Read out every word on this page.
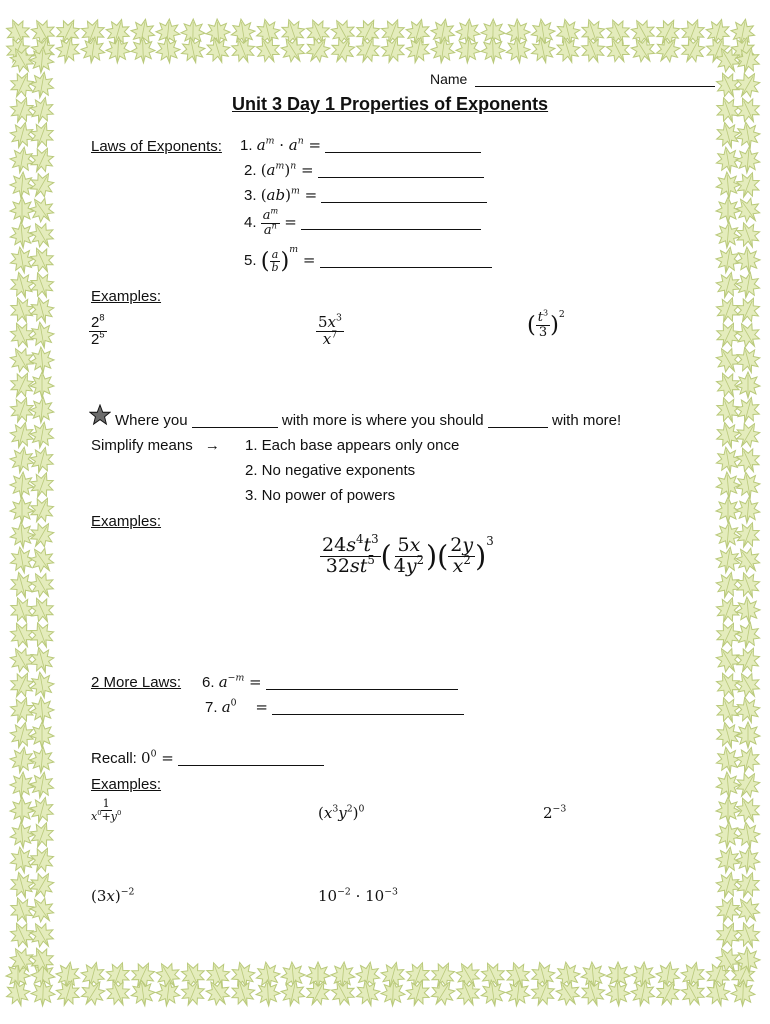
Name
Unit 3 Day 1 Properties of Exponents
Laws of Exponents: 1. $a^m \cdot a^n$ =
2. $(a^m)^n$ =
3. (ab)$^m$ =
4. $\frac{a^m}{a^n}$ =
5. ( $\frac{a}{b} )^m$ =
Examples:
$\frac{2^8}{2^5}$	$\frac{5x^3}{x^7}$	( $\frac{t^3}{3} )^2$
Where you	with more is where you should	with more!
Simplify means → 1. Each base appears only once
2. No negative exponents
3. No power of powers
Examples:
$\frac{24s^4t^3}{32st^5}$ ( $\frac{5x}{4y^2}$ )( $\frac{2y}{x^2} )^3$
2 More Laws: 6. $a^{-m}$ =
7. $a^0$ =
Recall: $0^0$ =
Examples:
$\frac{1}{x^0+y^0}$	$(x^3y^2)^0$	$2^{-3}$
$(3x)^{-2}$	$10^{-2} \cdot 10^{-3}$
